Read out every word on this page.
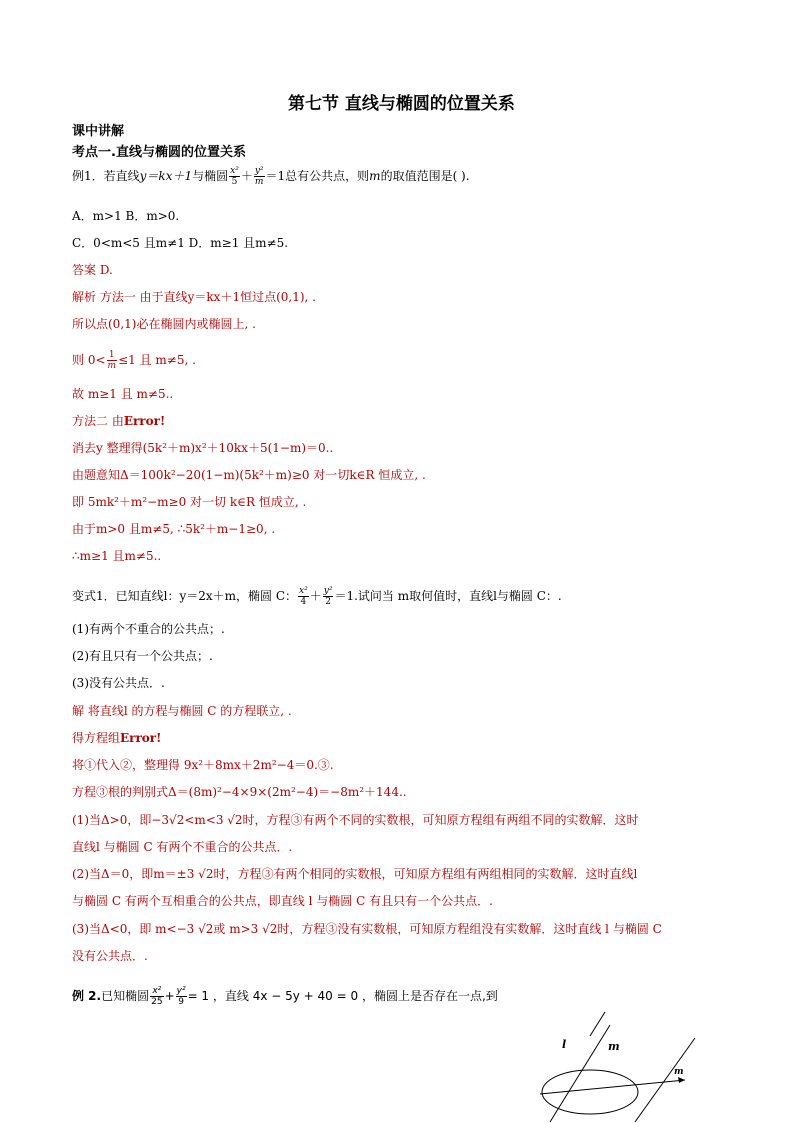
第七节 直线与椭圆的位置关系
课中讲解
考点一.直线与椭圆的位置关系
例1．若直线y＝kx＋1与椭圆 $\frac{\text{x²}}{5} + \frac{\text{y²}}{m} =1$总有公共点，则m的取值范围是( ).
A．m>1 B．m>0.
C．0<m<5 且m≠1 D．m≥1 且m≠5.
答案 D.
解析 方法一 由于直线y＝kx＋1恒过点(0,1), .
所以点(0,1)必在椭圆内或椭圆上, .
则 $0< \frac{1}{m} \le 1$ 且 m≠5, .
故 m≥1 且 m≠5..
方法二 由Error!
消去y 整理得(5k²＋m)x²＋10kx＋5(1−m)＝0..
由题意知Δ＝100k²−20(1−m)(5k²＋m)≥0 对一切k∈R 恒成立, .
即 5mk²＋m²−m≥0 对一切 k∈R 恒成立, .
由于m>0 且m≠5, ∴5k²＋m−1≥0, .
∴m≥1 且m≠5..
变式1．已知直线l：y＝2x＋m，椭圆 C： $\frac{\text{x²}}{4} + \frac{\text{y²}}{2} =1$.试问当 m取何值时，直线l与椭圆 C：.
(1)有两个不重合的公共点；.
(2)有且只有一个公共点；.
(3)没有公共点．.
解 将直线l 的方程与椭圆 C 的方程联立, .
得方程组Error!
将①代入②，整理得 9x²＋8mx＋2m²−4＝0.③.
方程③根的判别式Δ＝(8m)²−4×9×(2m²−4)＝−8m²＋144..
(1)当Δ>0，即−3√2<m<3 √2时，方程③有两个不同的实数根，可知原方程组有两组不同的实数解．这时
直线l 与椭圆 C 有两个不重合的公共点．.
(2)当Δ＝0，即m＝±3 √2时，方程③有两个相同的实数根，可知原方程组有两组相同的实数解．这时直线l
与椭圆 C 有两个互相重合的公共点，即直线 l 与椭圆 C 有且只有一个公共点．.
(3)当Δ<0，即 m<−3 √2或 m>3 √2时，方程③没有实数根，可知原方程组没有实数解．这时直线 l 与椭圆 C
没有公共点．.
例 2.已知椭圆 $\frac{\text{x²}}{25} + \frac{\text{y²}}{9} = 1$ ，直线 4x − 5y + 40 = 0 ，椭圆上是否存在一点,到
l	m
m
